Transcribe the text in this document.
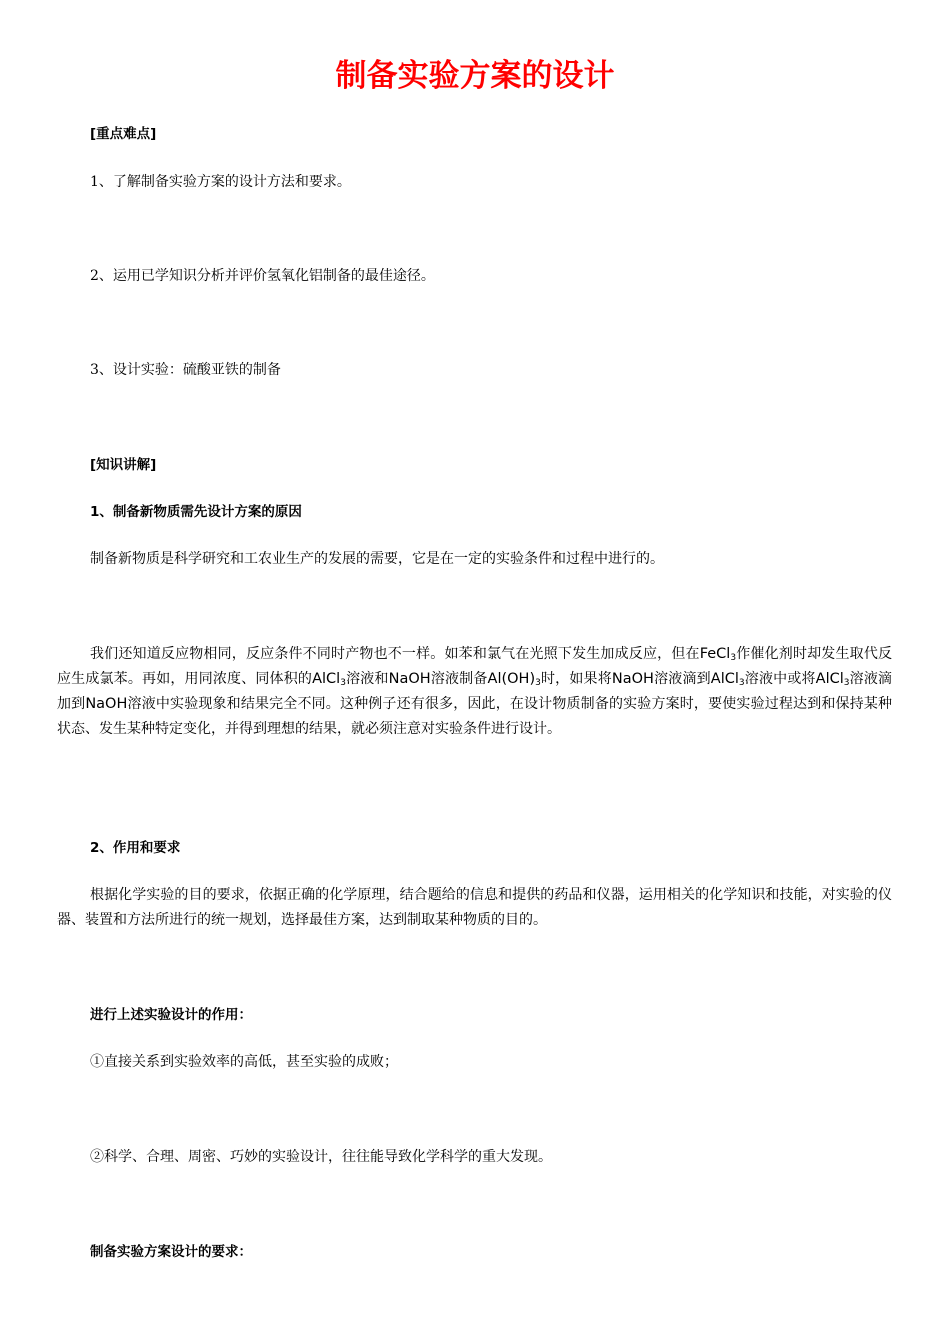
制备实验方案的设计

[重点难点]

1、了解制备实验方案的设计方法和要求。

2、运用已学知识分析并评价氢氧化铝制备的最佳途径。

3、设计实验：硫酸亚铁的制备

[知识讲解]

1、制备新物质需先设计方案的原因

制备新物质是科学研究和工农业生产的发展的需要，它是在一定的实验条件和过程中进行的。

我们还知道反应物相同，反应条件不同时产物也不一样。如苯和氯气在光照下发生加成反应，但在FeCl$_3$作催化剂时却发生取代反应生成氯苯。再如，用同浓度、同体积的AlCl$_3$溶液和NaOH溶液制备$Al(OH)_3$时，如果将NaOH溶液滴到AlCl$_3$溶液中或将AlCl$_3$溶液滴加到NaOH溶液中实验现象和结果完全不同。这种例子还有很多，因此，在设计物质制备的实验方案时，要使实验过程达到和保持某种状态、发生某种特定变化，并得到理想的结果，就必须注意对实验条件进行设计。

2、作用和要求

根据化学实验的目的要求，依据正确的化学原理，结合题给的信息和提供的药品和仪器，运用相关的化学知识和技能，对实验的仪器、装置和方法所进行的统一规划，选择最佳方案，达到制取某种物质的目的。

进行上述实验设计的作用：

①直接关系到实验效率的高低，甚至实验的成败；

②科学、合理、周密、巧妙的实验设计，往往能导致化学科学的重大发现。

制备实验方案设计的要求：
